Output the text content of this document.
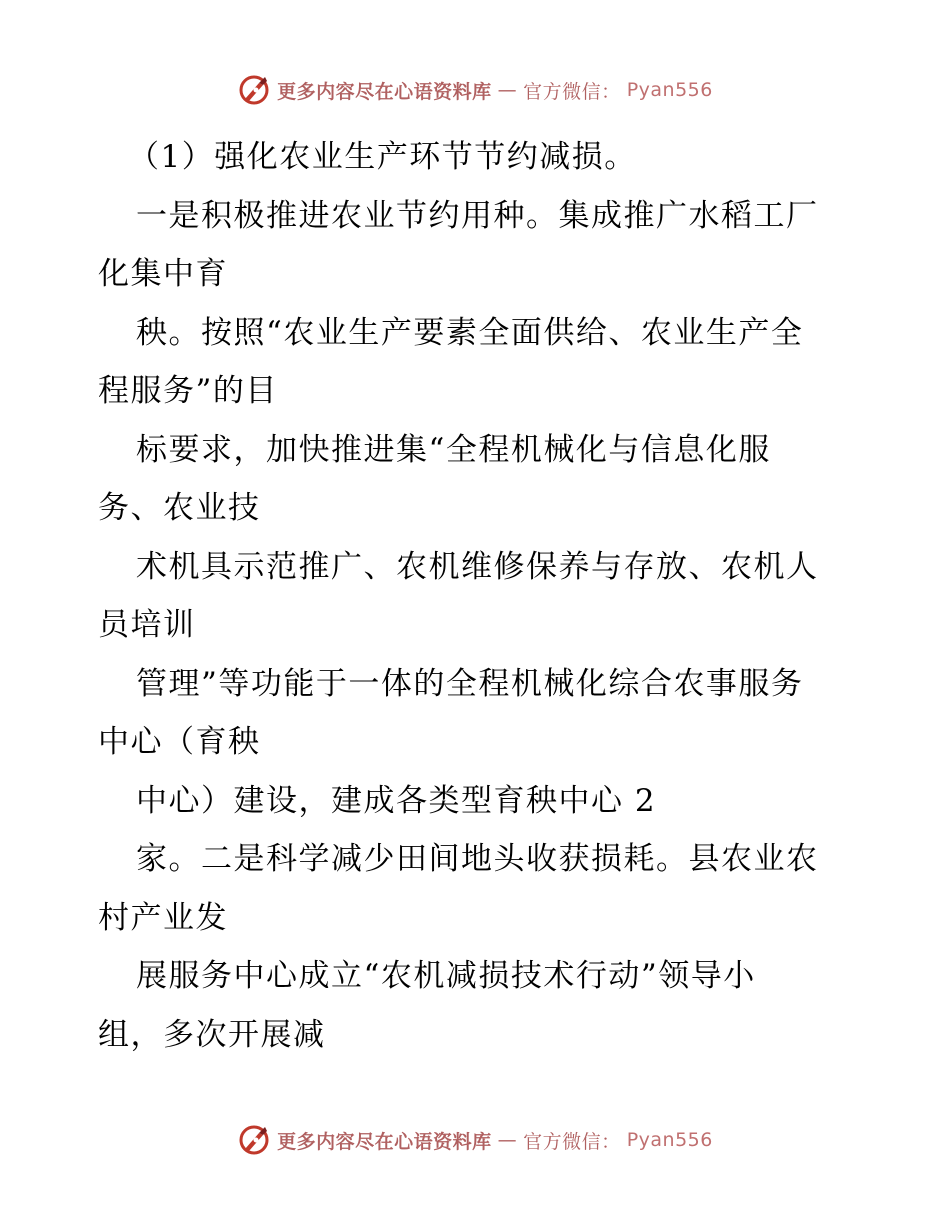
更多内容尽在心语资料库 — 官方微信： Pyan556
（1）强化农业生产环节节约减损。
一是积极推进农业节约用种。集成推广水稻工厂
化集中育
秧。按照“农业生产要素全面供给、农业生产全
程服务”的目
标要求，加快推进集“全程机械化与信息化服
务、农业技
术机具示范推广、农机维修保养与存放、农机人
员培训
管理”等功能于一体的全程机械化综合农事服务
中心（育秧
中心）建设，建成各类型育秧中心 2
家。二是科学减少田间地头收获损耗。县农业农
村产业发
展服务中心成立“农机减损技术行动”领导小
组，多次开展减
更多内容尽在心语资料库 — 官方微信： Pyan556
